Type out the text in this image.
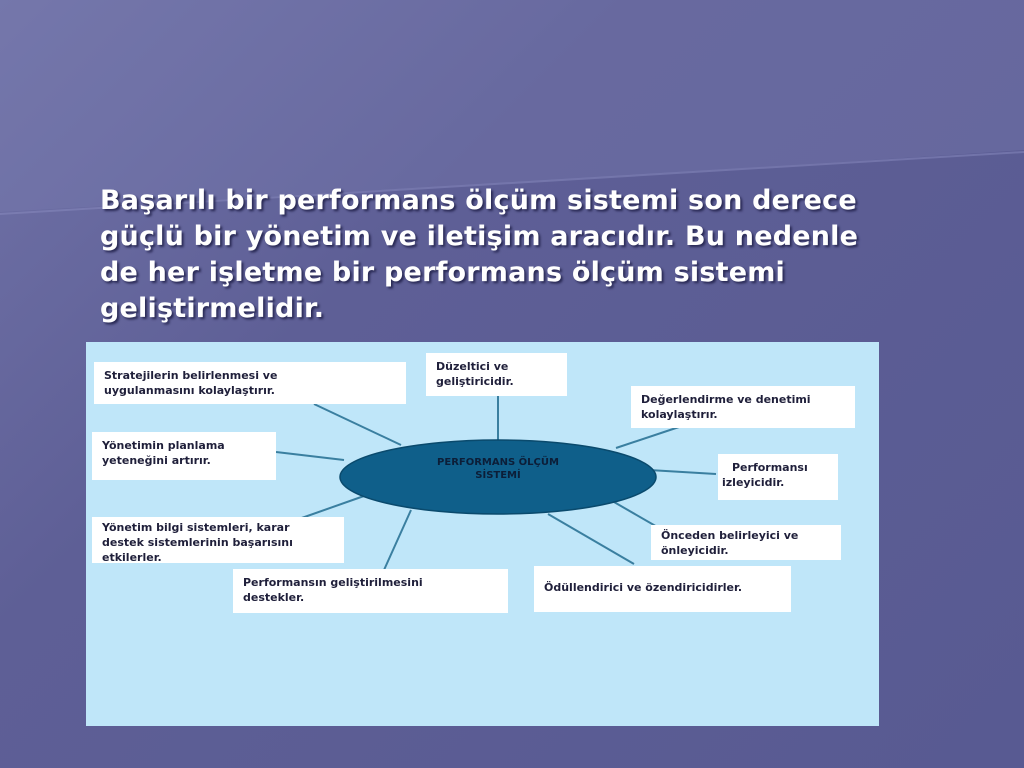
Başarılı bir performans ölçüm sistemi son derece
güçlü bir yönetim ve iletişim aracıdır. Bu nedenle
de her işletme bir performans ölçüm sistemi
geliştirmelidir.
PERFORMANS ÖLÇÜM
SİSTEMİ
Stratejilerin belirlenmesi ve
uygulanmasını kolaylaştırır.
Düzeltici ve
geliştiricidir.
Değerlendirme ve denetimi
kolaylaştırır.
Yönetimin planlama
yeteneğini artırır.
Performansı
izleyicidir.
Yönetim bilgi sistemleri, karar
destek sistemlerinin başarısını
etkilerler.
Önceden belirleyici ve
önleyicidir.
Performansın geliştirilmesini
destekler.
Ödüllendirici ve özendiricidirler.
